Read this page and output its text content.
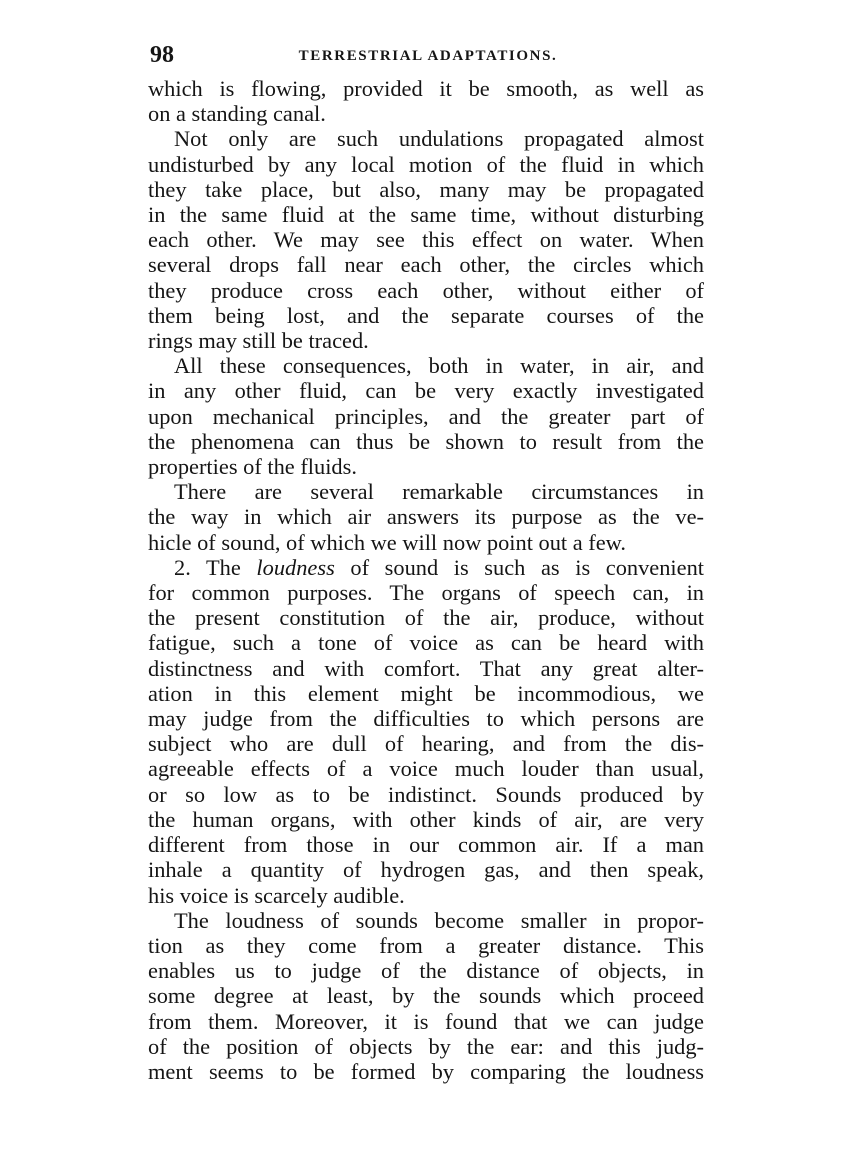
98	TERRESTRIAL ADAPTATIONS.

which is flowing, provided it be smooth, as well as
on a standing canal.

Not only are such undulations propagated almost
undisturbed by any local motion of the fluid in which
they take place, but also, many may be propagated
in the same fluid at the same time, without disturbing
each other. We may see this effect on water. When
several drops fall near each other, the circles which
they produce cross each other, without either of
them being lost, and the separate courses of the
rings may still be traced.

All these consequences, both in water, in air, and
in any other fluid, can be very exactly investigated
upon mechanical principles, and the greater part of
the phenomena can thus be shown to result from the
properties of the fluids.

There are several remarkable circumstances in
the way in which air answers its purpose as the ve-
hicle of sound, of which we will now point out a few.

2. The loudness of sound is such as is convenient
for common purposes. The organs of speech can, in
the present constitution of the air, produce, without
fatigue, such a tone of voice as can be heard with
distinctness and with comfort. That any great alter-
ation in this element might be incommodious, we
may judge from the difficulties to which persons are
subject who are dull of hearing, and from the dis-
agreeable effects of a voice much louder than usual,
or so low as to be indistinct. Sounds produced by
the human organs, with other kinds of air, are very
different from those in our common air. If a man
inhale a quantity of hydrogen gas, and then speak,
his voice is scarcely audible.

The loudness of sounds become smaller in propor-
tion as they come from a greater distance. This
enables us to judge of the distance of objects, in
some degree at least, by the sounds which proceed
from them. Moreover, it is found that we can judge
of the position of objects by the ear: and this judg-
ment seems to be formed by comparing the loudness
